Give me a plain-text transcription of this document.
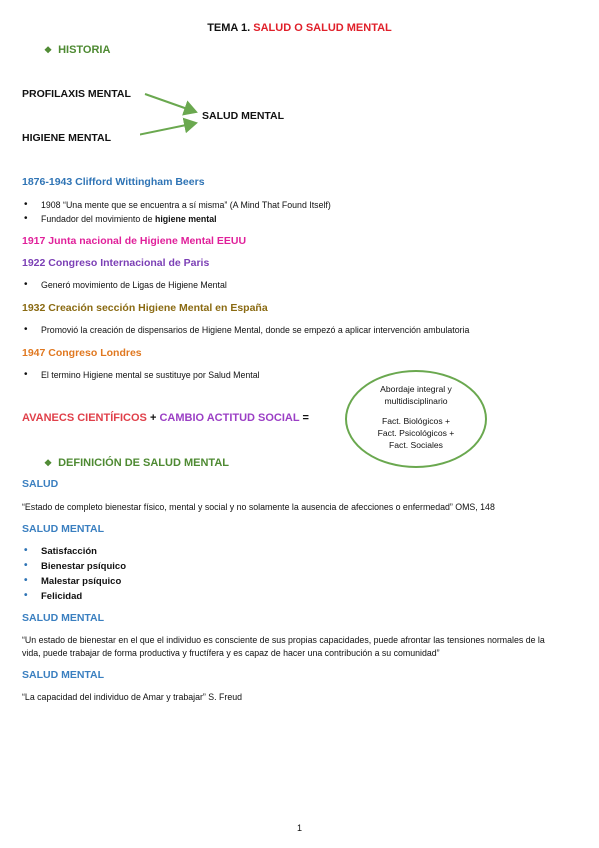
TEMA 1. SALUD O SALUD MENTAL
❖ HISTORIA
PROFILAXIS MENTAL
HIGIENE MENTAL
SALUD MENTAL
1876-1943 Clifford Wittingham Beers
• 1908 “Una mente que se encuentra a sí misma” (A Mind That Found Itself)
• Fundador del movimiento de higiene mental
1917 Junta nacional de Higiene Mental EEUU
1922 Congreso Internacional de Paris
• Generó movimiento de Ligas de Higiene Mental
1932 Creación sección Higiene Mental en España
• Promovió la creación de dispensarios de Higiene Mental, donde se empezó a aplicar intervención ambulatoria
1947 Congreso Londres
• El termino Higiene mental se sustituye por Salud Mental
AVANECS CIENTÍFICOS + CAMBIO ACTITUD SOCIAL =
Abordaje integral y
multidisciplinario
Fact. Biológicos +
Fact. Psicológicos +
Fact. Sociales
❖ DEFINICIÓN DE SALUD MENTAL
SALUD
“Estado de completo bienestar físico, mental y social y no solamente la ausencia de afecciones o enfermedad” OMS, 148
SALUD MENTAL
• Satisfacción
• Bienestar psíquico
• Malestar psíquico
• Felicidad
SALUD MENTAL
“Un estado de bienestar en el que el individuo es consciente de sus propias capacidades, puede afrontar las tensiones normales de la vida, puede trabajar de forma productiva y fructífera y es capaz de hacer una contribución a su comunidad”
SALUD MENTAL
“La capacidad del individuo de Amar y trabajar” S. Freud
1
